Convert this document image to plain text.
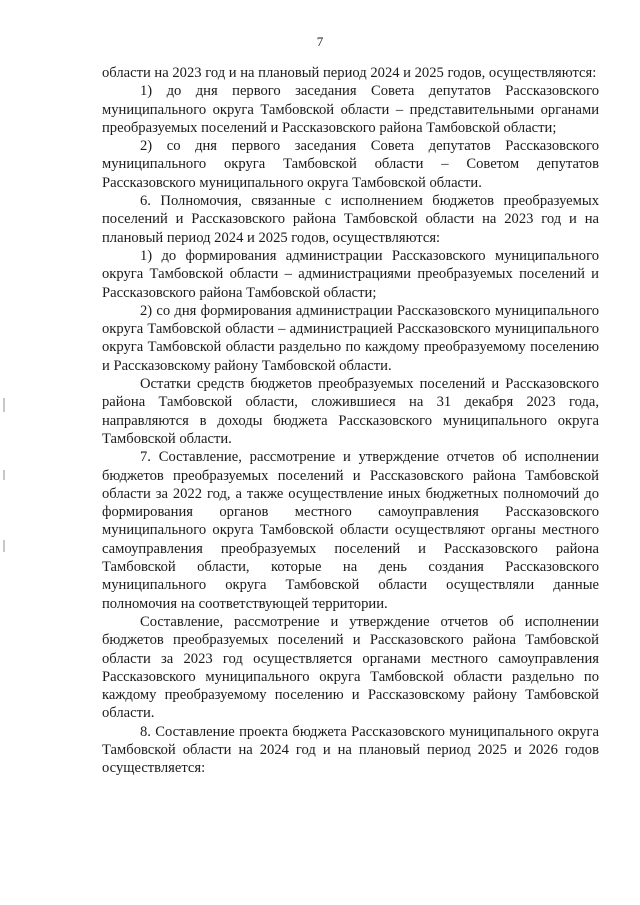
7

области на 2023 год и на плановый период 2024 и 2025 годов, осуществляются:

1) до дня первого заседания Совета депутатов Рассказовского муниципального округа Тамбовской области – представительными органами преобразуемых поселений и Рассказовского района Тамбовской области;

2) со дня первого заседания Совета депутатов Рассказовского муниципального округа Тамбовской области – Советом депутатов Рассказовского муниципального округа Тамбовской области.

6. Полномочия, связанные с исполнением бюджетов преобразуемых поселений и Рассказовского района Тамбовской области на 2023 год и на плановый период 2024 и 2025 годов, осуществляются:

1) до формирования администрации Рассказовского муниципального округа Тамбовской области – администрациями преобразуемых поселений и Рассказовского района Тамбовской области;

2) со дня формирования администрации Рассказовского муниципального округа Тамбовской области – администрацией Рассказовского муниципального округа Тамбовской области раздельно по каждому преобразуемому поселению и Рассказовскому району Тамбовской области.

Остатки средств бюджетов преобразуемых поселений и Рассказовского района Тамбовской области, сложившиеся на 31 декабря 2023 года, направляются в доходы бюджета Рассказовского муниципального округа Тамбовской области.

7. Составление, рассмотрение и утверждение отчетов об исполнении бюджетов преобразуемых поселений и Рассказовского района Тамбовской области за 2022 год, а также осуществление иных бюджетных полномочий до формирования органов местного самоуправления Рассказовского муниципального округа Тамбовской области осуществляют органы местного самоуправления преобразуемых поселений и Рассказовского района Тамбовской области, которые на день создания Рассказовского муниципального округа Тамбовской области осуществляли данные полномочия на соответствующей территории.

Составление, рассмотрение и утверждение отчетов об исполнении бюджетов преобразуемых поселений и Рассказовского района Тамбовской области за 2023 год осуществляется органами местного самоуправления Рассказовского муниципального округа Тамбовской области раздельно по каждому преобразуемому поселению и Рассказовскому району Тамбовской области.

8. Составление проекта бюджета Рассказовского муниципального округа Тамбовской области на 2024 год и на плановый период 2025 и 2026 годов осуществляется:
